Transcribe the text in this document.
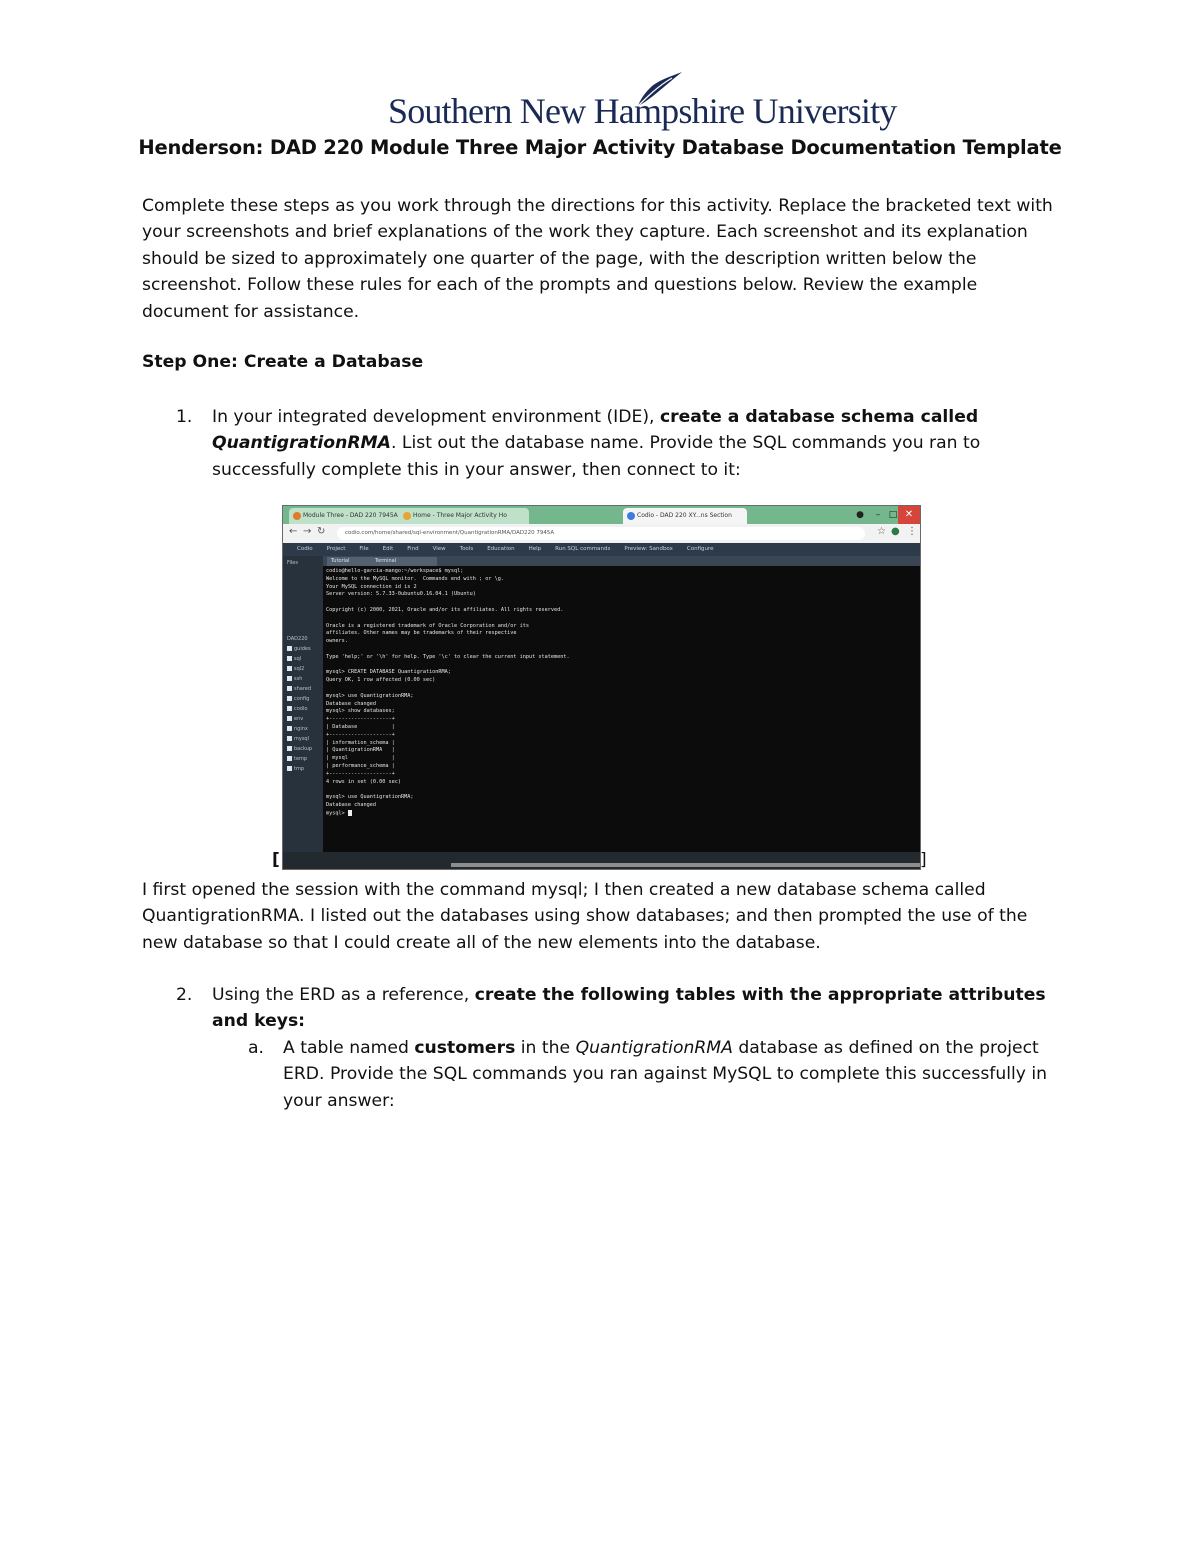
Southern New Hampshire University
Henderson: DAD 220 Module Three Major Activity Database Documentation Template
Complete these steps as you work through the directions for this activity. Replace the bracketed text with your screenshots and brief explanations of the work they capture. Each screenshot and its explanation should be sized to approximately one quarter of the page, with the description written below the screenshot. Follow these rules for each of the prompts and questions below. Review the example document for assistance.
Step One: Create a Database
1.	In your integrated development environment (IDE), create a database schema called QuantigrationRMA. List out the database name. Provide the SQL commands you ran to successfully complete this in your answer, then connect to it:
Module Three - DAD 220 7945A	Home - Three Major Activity Ho	Codio - DAD 220 XY...ns Section	●	– □ ✕
← → ↻	codio.com/home/shared/sql-environment/QuantigrationRMA/DAD220 7945A	☆ ● ⋮
Codio	Project	File	Edit	Find	View	Tools	Education	Help	Run SQL commands	Preview: Sandbox	Configure
Files
DAD220
guides
sql
sql2
ssh
shared
config
codio
env
nginx
mysql
backup
temp
tmp
Tutorial	Terminal
codio@hello-garcia-mango:~/workspace$ mysql;
Welcome to the MySQL monitor.  Commands end with ; or \g.
Your MySQL connection id is 2
Server version: 5.7.33-0ubuntu0.16.04.1 (Ubuntu)

Copyright (c) 2000, 2021, Oracle and/or its affiliates. All rights reserved.

Oracle is a registered trademark of Oracle Corporation and/or its
affiliates. Other names may be trademarks of their respective
owners.

Type 'help;' or '\h' for help. Type '\c' to clear the current input statement.

mysql> CREATE DATABASE QuantigrationRMA;
Query OK, 1 row affected (0.00 sec)

mysql> use QuantigrationRMA;
Database changed
mysql> show databases;
+--------------------+
| Database           |
+--------------------+
| information_schema |
| QuantigrationRMA   |
| mysql              |
| performance_schema |
+--------------------+
4 rows in set (0.00 sec)

mysql> use QuantigrationRMA;
Database changed
mysql>
[	]
I first opened the session with the command mysql; I then created a new database schema called QuantigrationRMA. I listed out the databases using show databases; and then prompted the use of the new database so that I could create all of the new elements into the database.
2.	Using the ERD as a reference, create the following tables with the appropriate attributes and keys:
a. A table named customers in the QuantigrationRMA database as defined on the project ERD. Provide the SQL commands you ran against MySQL to complete this successfully in your answer:
